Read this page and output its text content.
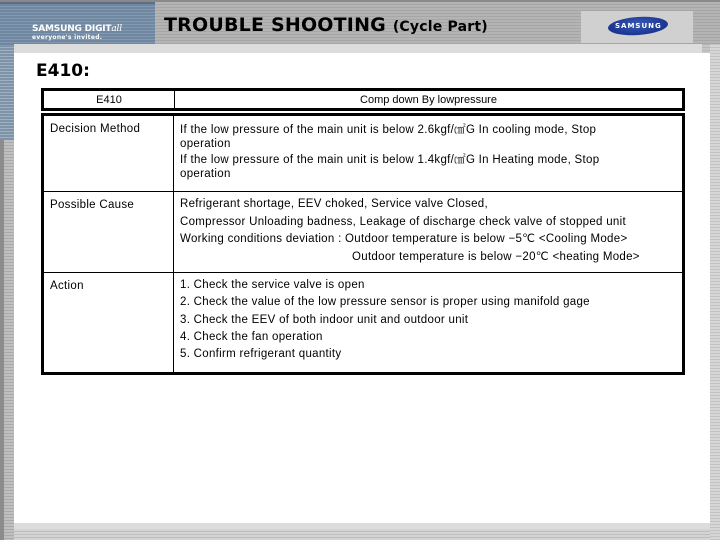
SAMSUNG DIGITall
everyone's invited.
TROUBLE SHOOTING (Cycle Part)	SAMSUNG
E410:
E410	Comp down By lowpressure
Decision Method	If the low pressure of the main unit is below 2.6kgf/㎠G In cooling mode, Stop
operation
If the low pressure of the main unit is below 1.4kgf/㎠G In Heating mode, Stop
operation
Possible Cause	Refrigerant shortage, EEV choked, Service valve Closed,
Compressor Unloading badness, Leakage of discharge check valve of stopped unit
Working conditions deviation : Outdoor temperature is below −5℃ <Cooling Mode>
Outdoor temperature is below −20℃ <heating Mode>
Action	1. Check the service valve is open
2. Check the value of the low pressure sensor is proper using manifold gage
3. Check the EEV of both indoor unit and outdoor unit
4. Check the fan operation
5. Confirm refrigerant quantity
